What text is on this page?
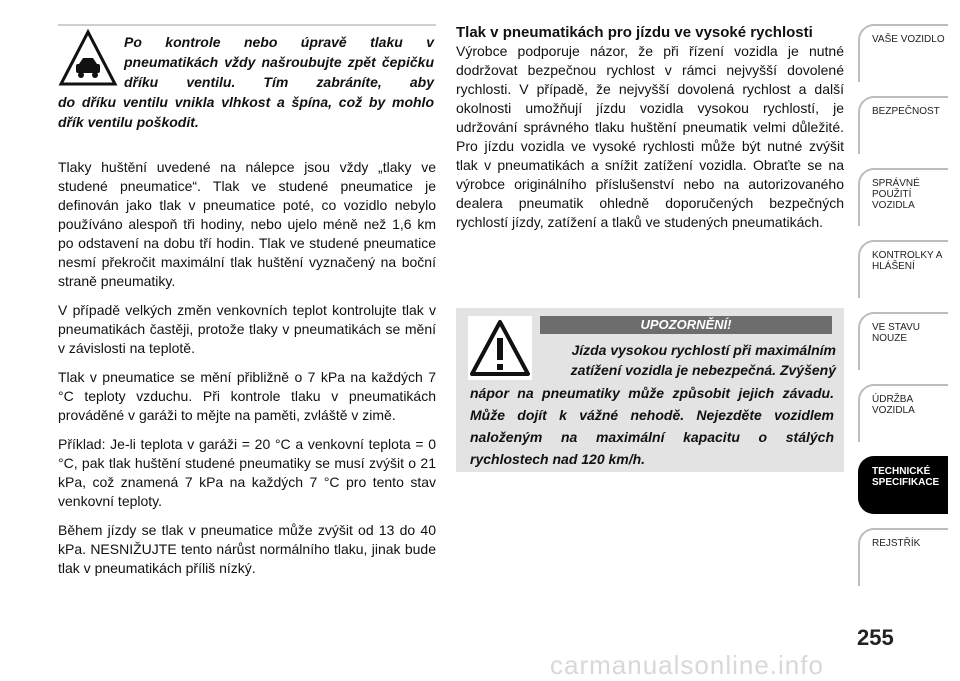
Po kontrole nebo úpravě tlaku v pneumatikách vždy našroubujte zpět čepičku dříku ventilu. Tím zabráníte, aby
do dříku ventilu vnikla vlhkost a špína, což by mohlo dřík ventilu poškodit.

Tlaky huštění uvedené na nálepce jsou vždy „tlaky ve studené pneumatice“. Tlak ve studené pneumatice je definován jako tlak v pneumatice poté, co vozidlo nebylo používáno alespoň tři hodiny, nebo ujelo méně než 1,6 km po odstavení na dobu tří hodin. Tlak ve studené pneumatice nesmí překročit maximální tlak huštění vyznačený na boční straně pneumatiky.

V případě velkých změn venkovních teplot kontrolujte tlak v pneumatikách častěji, protože tlaky v pneumatikách se mění v závislosti na teplotě.

Tlak v pneumatice se mění přibližně o 7 kPa na každých 7 °C teploty vzduchu. Při kontrole tlaku v pneumatikách prováděné v garáži to mějte na paměti, zvláště v zimě.

Příklad: Je-li teplota v garáži = 20 °C a venkovní teplota = 0 °C, pak tlak huštění studené pneumatiky se musí zvýšit o 21 kPa, což znamená 7 kPa na každých 7 °C pro tento stav venkovní teploty.

Během jízdy se tlak v pneumatice může zvýšit od 13 do 40 kPa. NESNIŽUJTE tento nárůst normálního tlaku, jinak bude tlak v pneumatikách příliš nízký.

Tlak v pneumatikách pro jízdu ve vysoké rychlosti

Výrobce podporuje názor, že při řízení vozidla je nutné dodržovat bezpečnou rychlost v rámci nejvyšší dovolené rychlosti. V případě, že nejvyšší dovolená rychlost a další okolnosti umožňují jízdu vozidla vysokou rychlostí, je udržování správného tlaku huštění pneumatik velmi důležité. Pro jízdu vozidla ve vysoké rychlosti může být nutné zvýšit tlak v pneumatikách a snížit zatížení vozidla. Obraťte se na výrobce originálního příslušenství nebo na autorizovaného dealera pneumatik ohledně doporučených bezpečných rychlostí jízdy, zatížení a tlaků ve studených pneumatikách.

UPOZORNĚNÍ!
Jízda vysokou rychlostí při maximálním zatížení vozidla je nebezpečná. Zvýšený
nápor na pneumatiky může způsobit jejich závadu. Může dojít k vážné nehodě. Nejezděte vozidlem naloženým na maximální kapacitu o stálých rychlostech nad 120 km/h.
VAŠE VOZIDLO
BEZPEČNOST
SPRÁVNÉ POUŽITÍ VOZIDLA
KONTROLKY A HLÁŠENÍ
VE STAVU NOUZE
ÚDRŽBA VOZIDLA
TECHNICKÉ SPECIFIKACE
REJSTŘÍK
255
carmanualsonline.info
